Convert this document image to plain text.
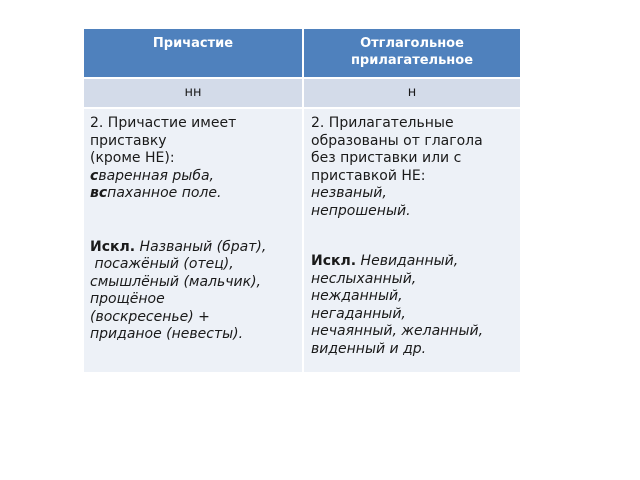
Причастие	Отглагольное
прилагательное
нн	н
2. Причастие имеет
приставку
(кроме НЕ):
сваренная рыба,
вспаханное поле.
Искл. Названый (брат),
посажёный (отец),
смышлёный (мальчик),
прощёное
(воскресенье) +
приданое (невесты).
2. Прилагательные
образованы от глагола
без приставки или с
приставкой НЕ:
незваный,
непрошеный.
Искл. Невиданный,
неслыханный,
нежданный,
негаданный,
нечаянный, желанный,
виденный и др.
